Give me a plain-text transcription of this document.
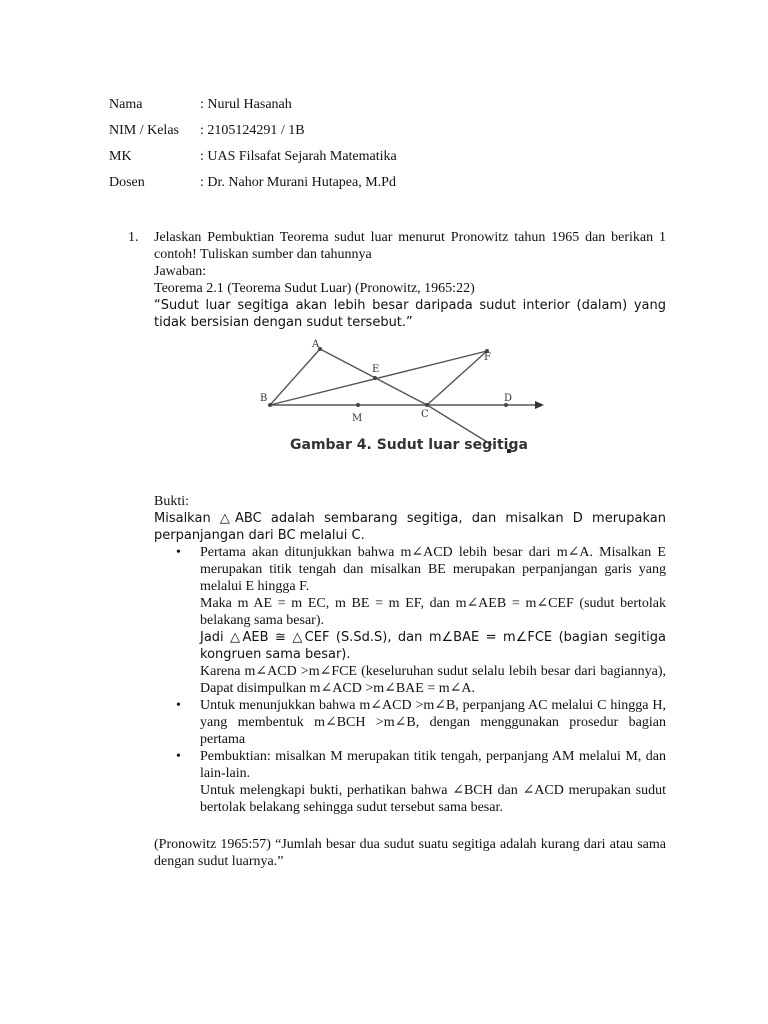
Nama	: Nurul Hasanah
NIM / Kelas	: 2105124291 / 1B
MK	: UAS Filsafat Sejarah Matematika
Dosen	: Dr. Nahor Murani Hutapea, M.Pd
1. Jelaskan Pembuktian Teorema sudut luar menurut Pronowitz tahun 1965 dan berikan 1 contoh! Tuliskan sumber dan tahunnya
Jawaban:
Teorema 2.1 (Teorema Sudut Luar) (Pronowitz, 1965:22)
“Sudut luar segitiga akan lebih besar daripada sudut interior (dalam) yang tidak bersisian dengan sudut tersebut.”
A
B
E
F
M	C
D
Gambar 4. Sudut luar segitiga
Bukti:
Misalkan △ABC adalah sembarang segitiga, dan misalkan D merupakan perpanjangan dari BC melalui C.
• Pertama akan ditunjukkan bahwa m∠ACD lebih besar dari m∠A. Misalkan E merupakan titik tengah dan misalkan BE merupakan perpanjangan garis yang melalui E hingga F.
Maka m AE = m EC, m BE = m EF, dan m∠AEB = m∠CEF (sudut bertolak belakang sama besar).
Jadi △AEB ≅ △CEF (S.Sd.S), dan m∠BAE = m∠FCE (bagian segitiga kongruen sama besar).
Karena m∠ACD >m∠FCE (keseluruhan sudut selalu lebih besar dari bagiannya), Dapat disimpulkan m∠ACD >m∠BAE = m∠A.
• Untuk menunjukkan bahwa m∠ACD >m∠B, perpanjang AC melalui C hingga H, yang membentuk m∠BCH >m∠B, dengan menggunakan prosedur bagian pertama
• Pembuktian: misalkan M merupakan titik tengah, perpanjang AM melalui M, dan lain-lain.
Untuk melengkapi bukti, perhatikan bahwa ∠BCH dan ∠ACD merupakan sudut bertolak belakang sehingga sudut tersebut sama besar.
(Pronowitz 1965:57) “Jumlah besar dua sudut suatu segitiga adalah kurang dari atau sama dengan sudut luarnya.”
